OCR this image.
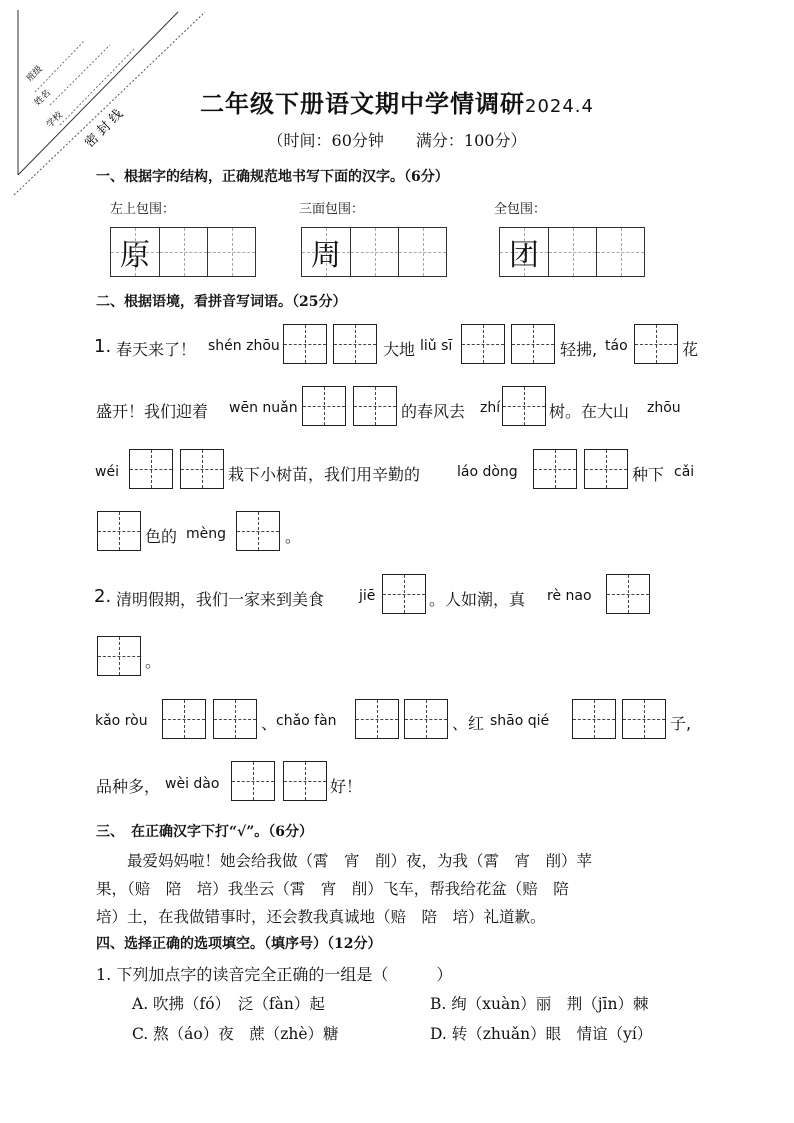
班级
姓名
学校 密 封 线
二年级下册语文期中学情调研2024.4
（时间：60分钟　　满分：100分）
一、根据字的结构，正确规范地书写下面的汉字。（6分）
左上包围：	三面包围：	全包围：
原	周	团
二、根据语境，看拼音写词语。（25分）
1. 春天来了！ shén zhōu	大地 liǔ sī	轻拂, táo	花
盛开！我们迎着 wēn nuǎn	的春风去 zhí	树。在大山 zhōu
wéi	栽下小树苗，我们用辛勤的	láo dòng	种下 cǎi
色的 mèng	。
2. 清明假期，我们一家来到美食 jiē	。人如潮，真 rè nao
。
kǎo ròu	、
chǎo fàn	、红 shāo qié	子,
品种多， wèi dào	好！
三、　在正确汉字下打“√”。（6分）
　　最爱妈妈啦！她会给我做（霄　宵　削）夜，为我（霄　宵　削）苹
果，（赔　陪　培）我坐云（霄　宵　削）飞车，帮我给花盆（赔　陪
培）土，在我做错事时，还会教我真诚地（赔　陪　培）礼道歉。
四、选择正确的选项填空。（填序号）（12分）
1. 下列加点字的读音完全正确的一组是（　　　）
A. 吹拂（fó）　泛（fàn）起	B. 绚（xuàn）丽　荆（jīn）棘
C. 熬（áo）夜　蔗（zhè）糖	D. 转（zhuǎn）眼　情谊（yí）
